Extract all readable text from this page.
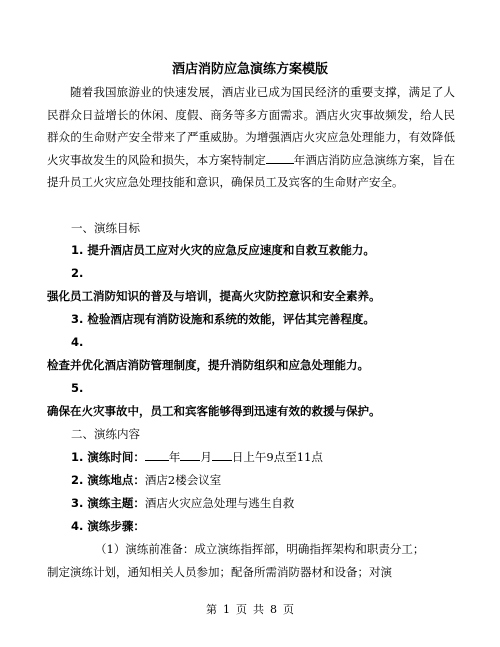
酒店消防应急演练方案模版
随着我国旅游业的快速发展，酒店业已成为国民经济的重要支撑，满足了人民群众日益增长的休闲、度假、商务等多方面需求。酒店火灾事故频发，给人民群众的生命财产安全带来了严重威胁。为增强酒店火灾应急处理能力，有效降低火灾事故发生的风险和损失，本方案特制定 年酒店消防应急演练方案，旨在提升员工火灾应急处理技能和意识，确保员工及宾客的生命财产安全。
一、演练目标
1. 提升酒店员工应对火灾的应急反应速度和自救互救能力。
2.
强化员工消防知识的普及与培训，提高火灾防控意识和安全素养。
3. 检验酒店现有消防设施和系统的效能，评估其完善程度。
4.
检查并优化酒店消防管理制度，提升消防组织和应急处理能力。
5.
确保在火灾事故中，员工和宾客能够得到迅速有效的救援与保护。
二、演练内容
1. 演练时间： 年 月 日上午9点至11点
2. 演练地点：酒店2楼会议室
3. 演练主题：酒店火灾应急处理与逃生自救
4. 演练步骤：
（1）演练前准备：成立演练指挥部，明确指挥架构和职责分工；
制定演练计划，通知相关人员参加；配备所需消防器材和设备；对演
第 1 页 共 8 页
